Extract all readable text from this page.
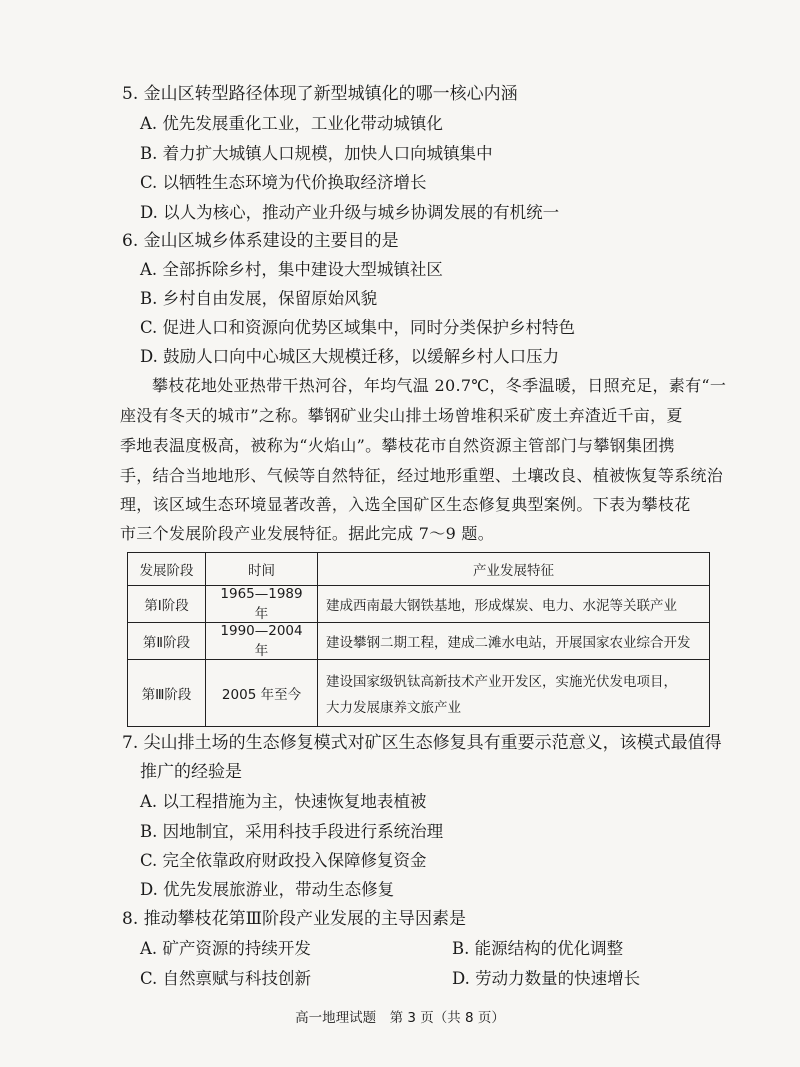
5. 金山区转型路径体现了新型城镇化的哪一核心内涵
A. 优先发展重化工业，工业化带动城镇化
B. 着力扩大城镇人口规模，加快人口向城镇集中
C. 以牺牲生态环境为代价换取经济增长
D. 以人为核心，推动产业升级与城乡协调发展的有机统一
6. 金山区城乡体系建设的主要目的是
A. 全部拆除乡村，集中建设大型城镇社区
B. 乡村自由发展，保留原始风貌
C. 促进人口和资源向优势区域集中，同时分类保护乡村特色
D. 鼓励人口向中心城区大规模迁移，以缓解乡村人口压力
攀枝花地处亚热带干热河谷，年均气温 20.7℃，冬季温暖，日照充足，素有“一
座没有冬天的城市”之称。攀钢矿业尖山排土场曾堆积采矿废土弃渣近千亩，夏
季地表温度极高，被称为“火焰山”。攀枝花市自然资源主管部门与攀钢集团携
手，结合当地地形、气候等自然特征，经过地形重塑、土壤改良、植被恢复等系统治
理，该区域生态环境显著改善，入选全国矿区生态修复典型案例。下表为攀枝花
市三个发展阶段产业发展特征。据此完成 7～9 题。
发展阶段	时间	产业发展特征
第Ⅰ阶段	1965—1989 年	建成西南最大钢铁基地，形成煤炭、电力、水泥等关联产业
第Ⅱ阶段	1990—2004 年	建设攀钢二期工程，建成二滩水电站，开展国家农业综合开发
第Ⅲ阶段	2005 年至今	建设国家级钒钛高新技术产业开发区，实施光伏发电项目，
大力发展康养文旅产业
7. 尖山排土场的生态修复模式对矿区生态修复具有重要示范意义，该模式最值得
推广的经验是
A. 以工程措施为主，快速恢复地表植被
B. 因地制宜，采用科技手段进行系统治理
C. 完全依靠政府财政投入保障修复资金
D. 优先发展旅游业，带动生态修复
8. 推动攀枝花第Ⅲ阶段产业发展的主导因素是
A. 矿产资源的持续开发	B. 能源结构的优化调整
C. 自然禀赋与科技创新	D. 劳动力数量的快速增长
高一地理试题　第 3 页（共 8 页）
